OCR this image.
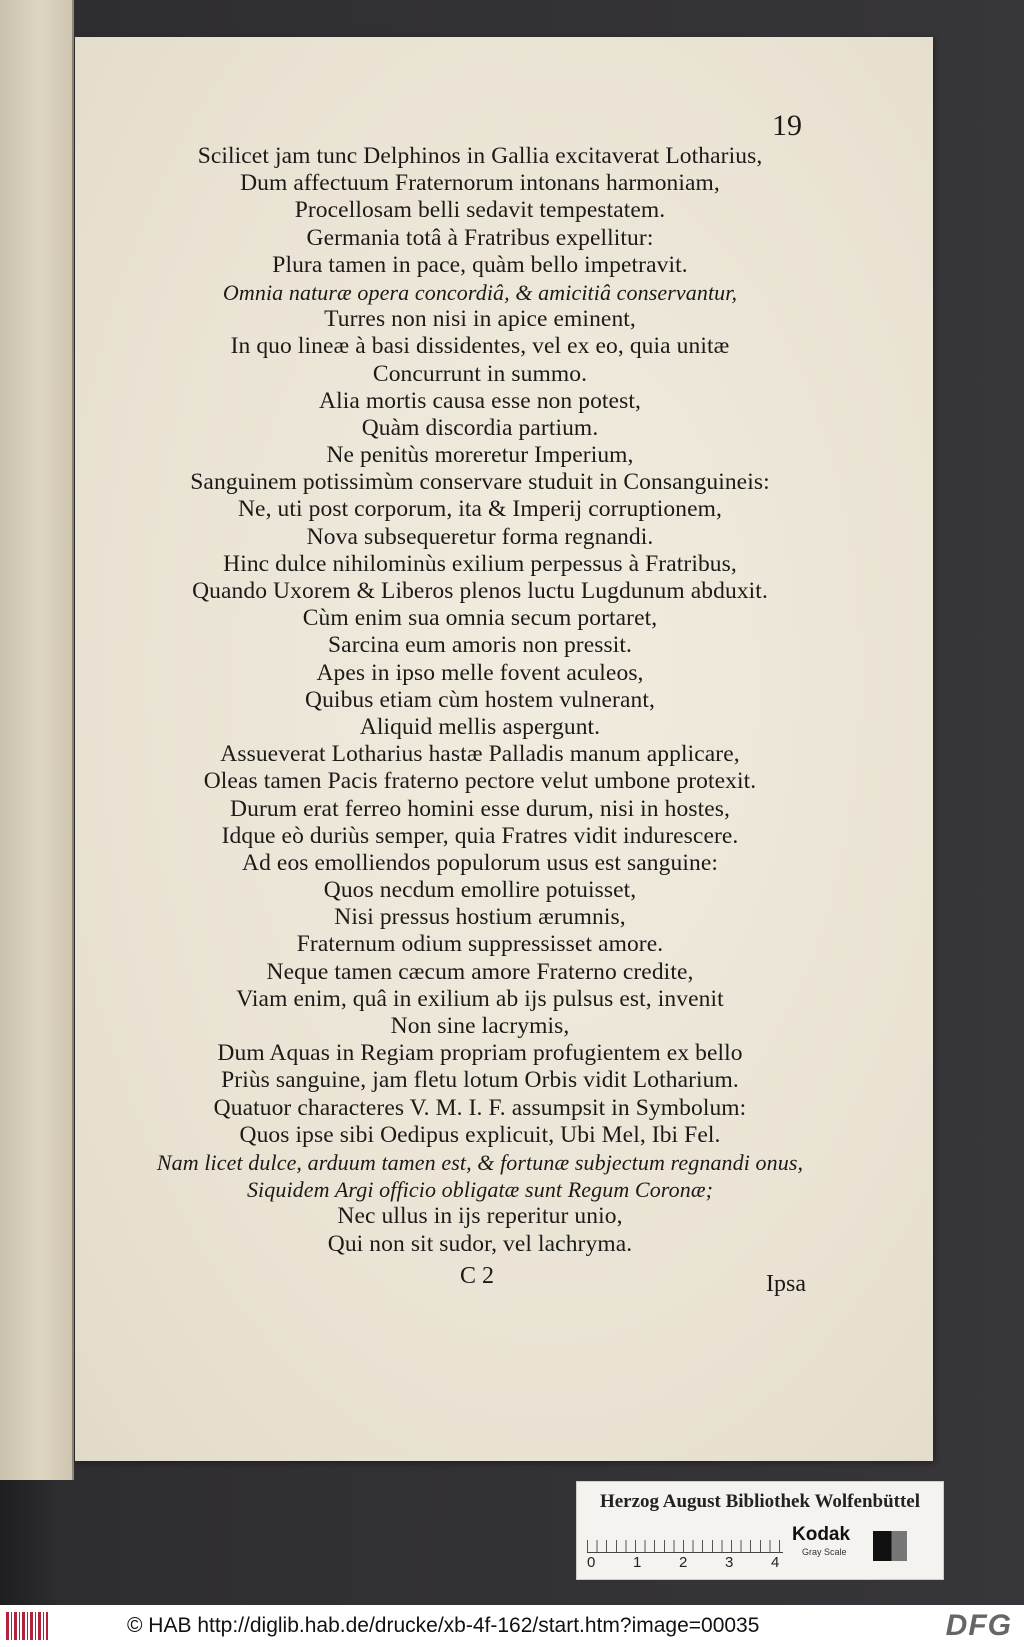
19
Scilicet jam tunc Delphinos in Gallia excitaverat Lotharius,
Dum affectuum Fraternorum intonans harmoniam,
Procellosam belli sedavit tempestatem.
Germania totâ à Fratribus expellitur:
Plura tamen in pace, quàm bello impetravit.
Omnia naturæ opera concordiâ, & amicitiâ conservantur,
Turres non nisi in apice eminent,
In quo lineæ à basi dissidentes, vel ex eo, quia unitæ
Concurrunt in summo.
Alia mortis causa esse non potest,
Quàm discordia partium.
Ne penitùs moreretur Imperium,
Sanguinem potissimùm conservare studuit in Consanguineis:
Ne, uti post corporum, ita & Imperij corruptionem,
Nova subsequeretur forma regnandi.
Hinc dulce nihilominùs exilium perpessus à Fratribus,
Quando Uxorem & Liberos plenos luctu Lugdunum abduxit.
Cùm enim sua omnia secum portaret,
Sarcina eum amoris non pressit.
Apes in ipso melle fovent aculeos,
Quibus etiam cùm hostem vulnerant,
Aliquid mellis aspergunt.
Assueverat Lotharius hastæ Palladis manum applicare,
Oleas tamen Pacis fraterno pectore velut umbone protexit.
Durum erat ferreo homini esse durum, nisi in hostes,
Idque eò duriùs semper, quia Fratres vidit indurescere.
Ad eos emolliendos populorum usus est sanguine:
Quos necdum emollire potuisset,
Nisi pressus hostium ærumnis,
Fraternum odium suppressisset amore.
Neque tamen cæcum amore Fraterno credite,
Viam enim, quâ in exilium ab ijs pulsus est, invenit
Non sine lacrymis,
Dum Aquas in Regiam propriam profugientem ex bello
Priùs sanguine, jam fletu lotum Orbis vidit Lotharium.
Quatuor characteres V. M. I. F. assumpsit in Symbolum:
Quos ipse sibi Oedipus explicuit, Ubi Mel, Ibi Fel.
Nam licet dulce, arduum tamen est, & fortunæ subjectum regnandi onus,
Siquidem Argi officio obligatæ sunt Regum Coronæ;
Nec ullus in ijs reperitur unio,
Qui non sit sudor, vel lachryma.
C 2	Ipsa
Herzog August Bibliothek Wolfenbüttel
0	1	2	3	4
Kodak
Gray Scale
© HAB http://diglib.hab.de/drucke/xb-4f-162/start.htm?image=00035	DFG
